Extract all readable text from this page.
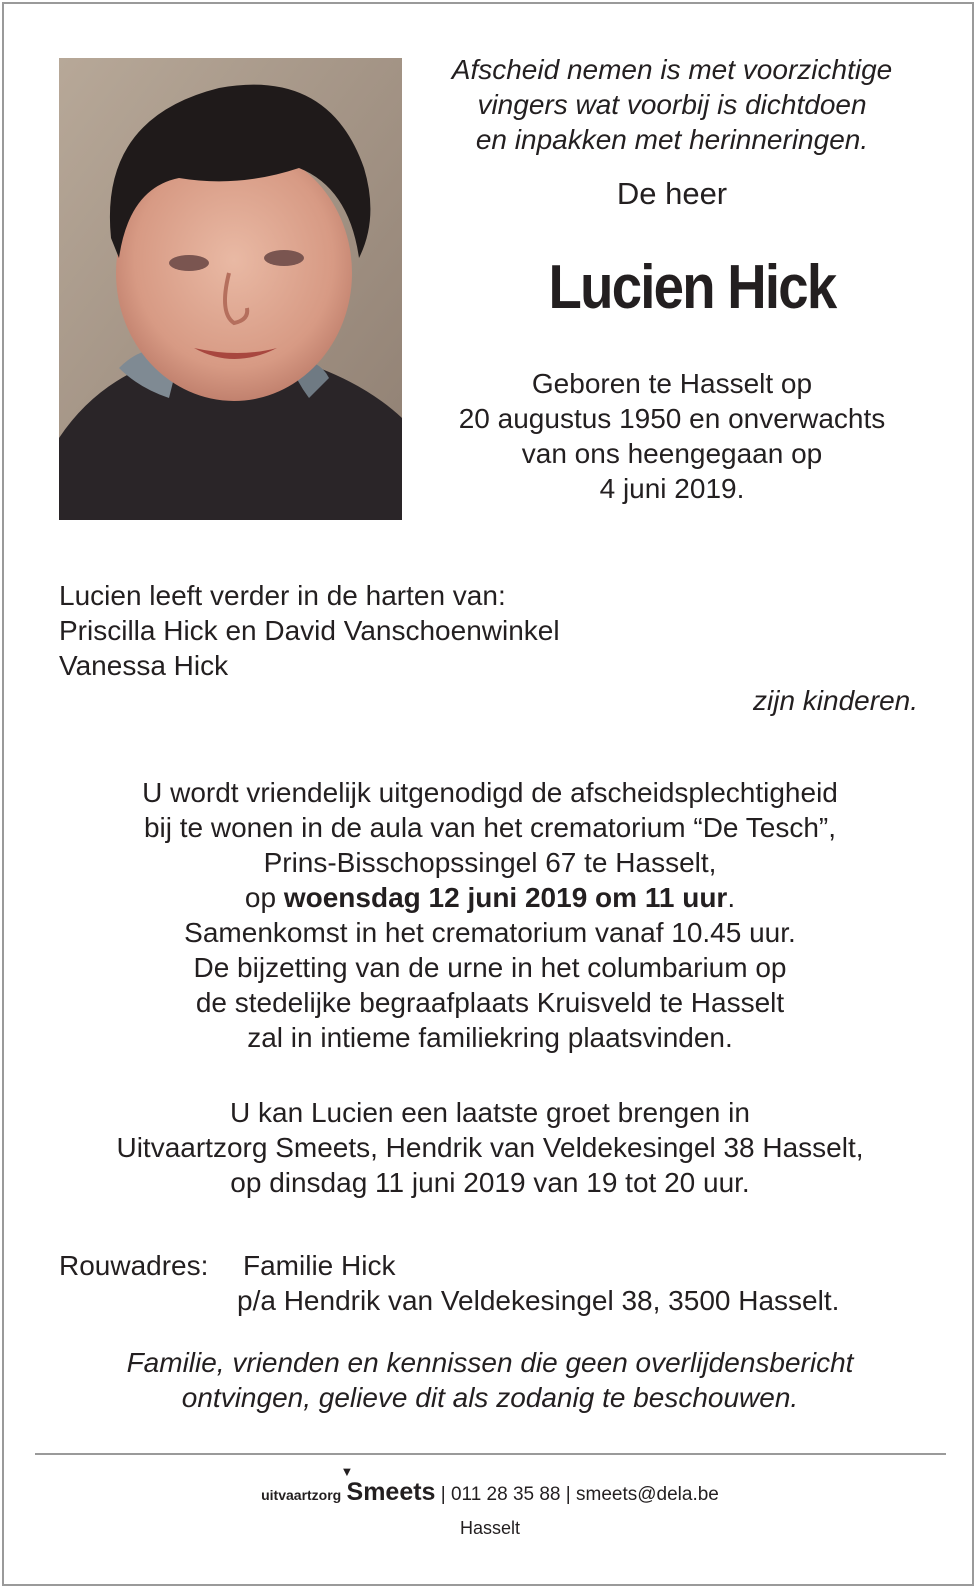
Afscheid nemen is met voorzichtige
vingers wat voorbij is dichtdoen
en inpakken met herinneringen.
De heer
Lucien Hick
Geboren te Hasselt op
20 augustus 1950 en onverwachts
van ons heengegaan op
4 juni 2019.
Lucien leeft verder in de harten van:
Priscilla Hick en David Vanschoenwinkel
Vanessa Hick
zijn kinderen.
U wordt vriendelijk uitgenodigd de afscheidsplechtigheid
bij te wonen in de aula van het crematorium “De Tesch”,
Prins-Bisschopssingel 67 te Hasselt,
op woensdag 12 juni 2019 om 11 uur.
Samenkomst in het crematorium vanaf 10.45 uur.
De bijzetting van de urne in het columbarium op
de stedelijke begraafplaats Kruisveld te Hasselt
zal in intieme familiekring plaatsvinden.
U kan Lucien een laatste groet brengen in
Uitvaartzorg Smeets, Hendrik van Veldekesingel 38 Hasselt,
op dinsdag 11 juni 2019 van 19 tot 20 uur.
Rouwadres: Familie Hick
p/a Hendrik van Veldekesingel 38, 3500 Hasselt.
Familie, vrienden en kennissen die geen overlijdensbericht
ontvingen, gelieve dit als zodanig te beschouwen.
uitvaartzorg
▼
Smeets | 011 28 35 88 | smeets@dela.be
Hasselt
